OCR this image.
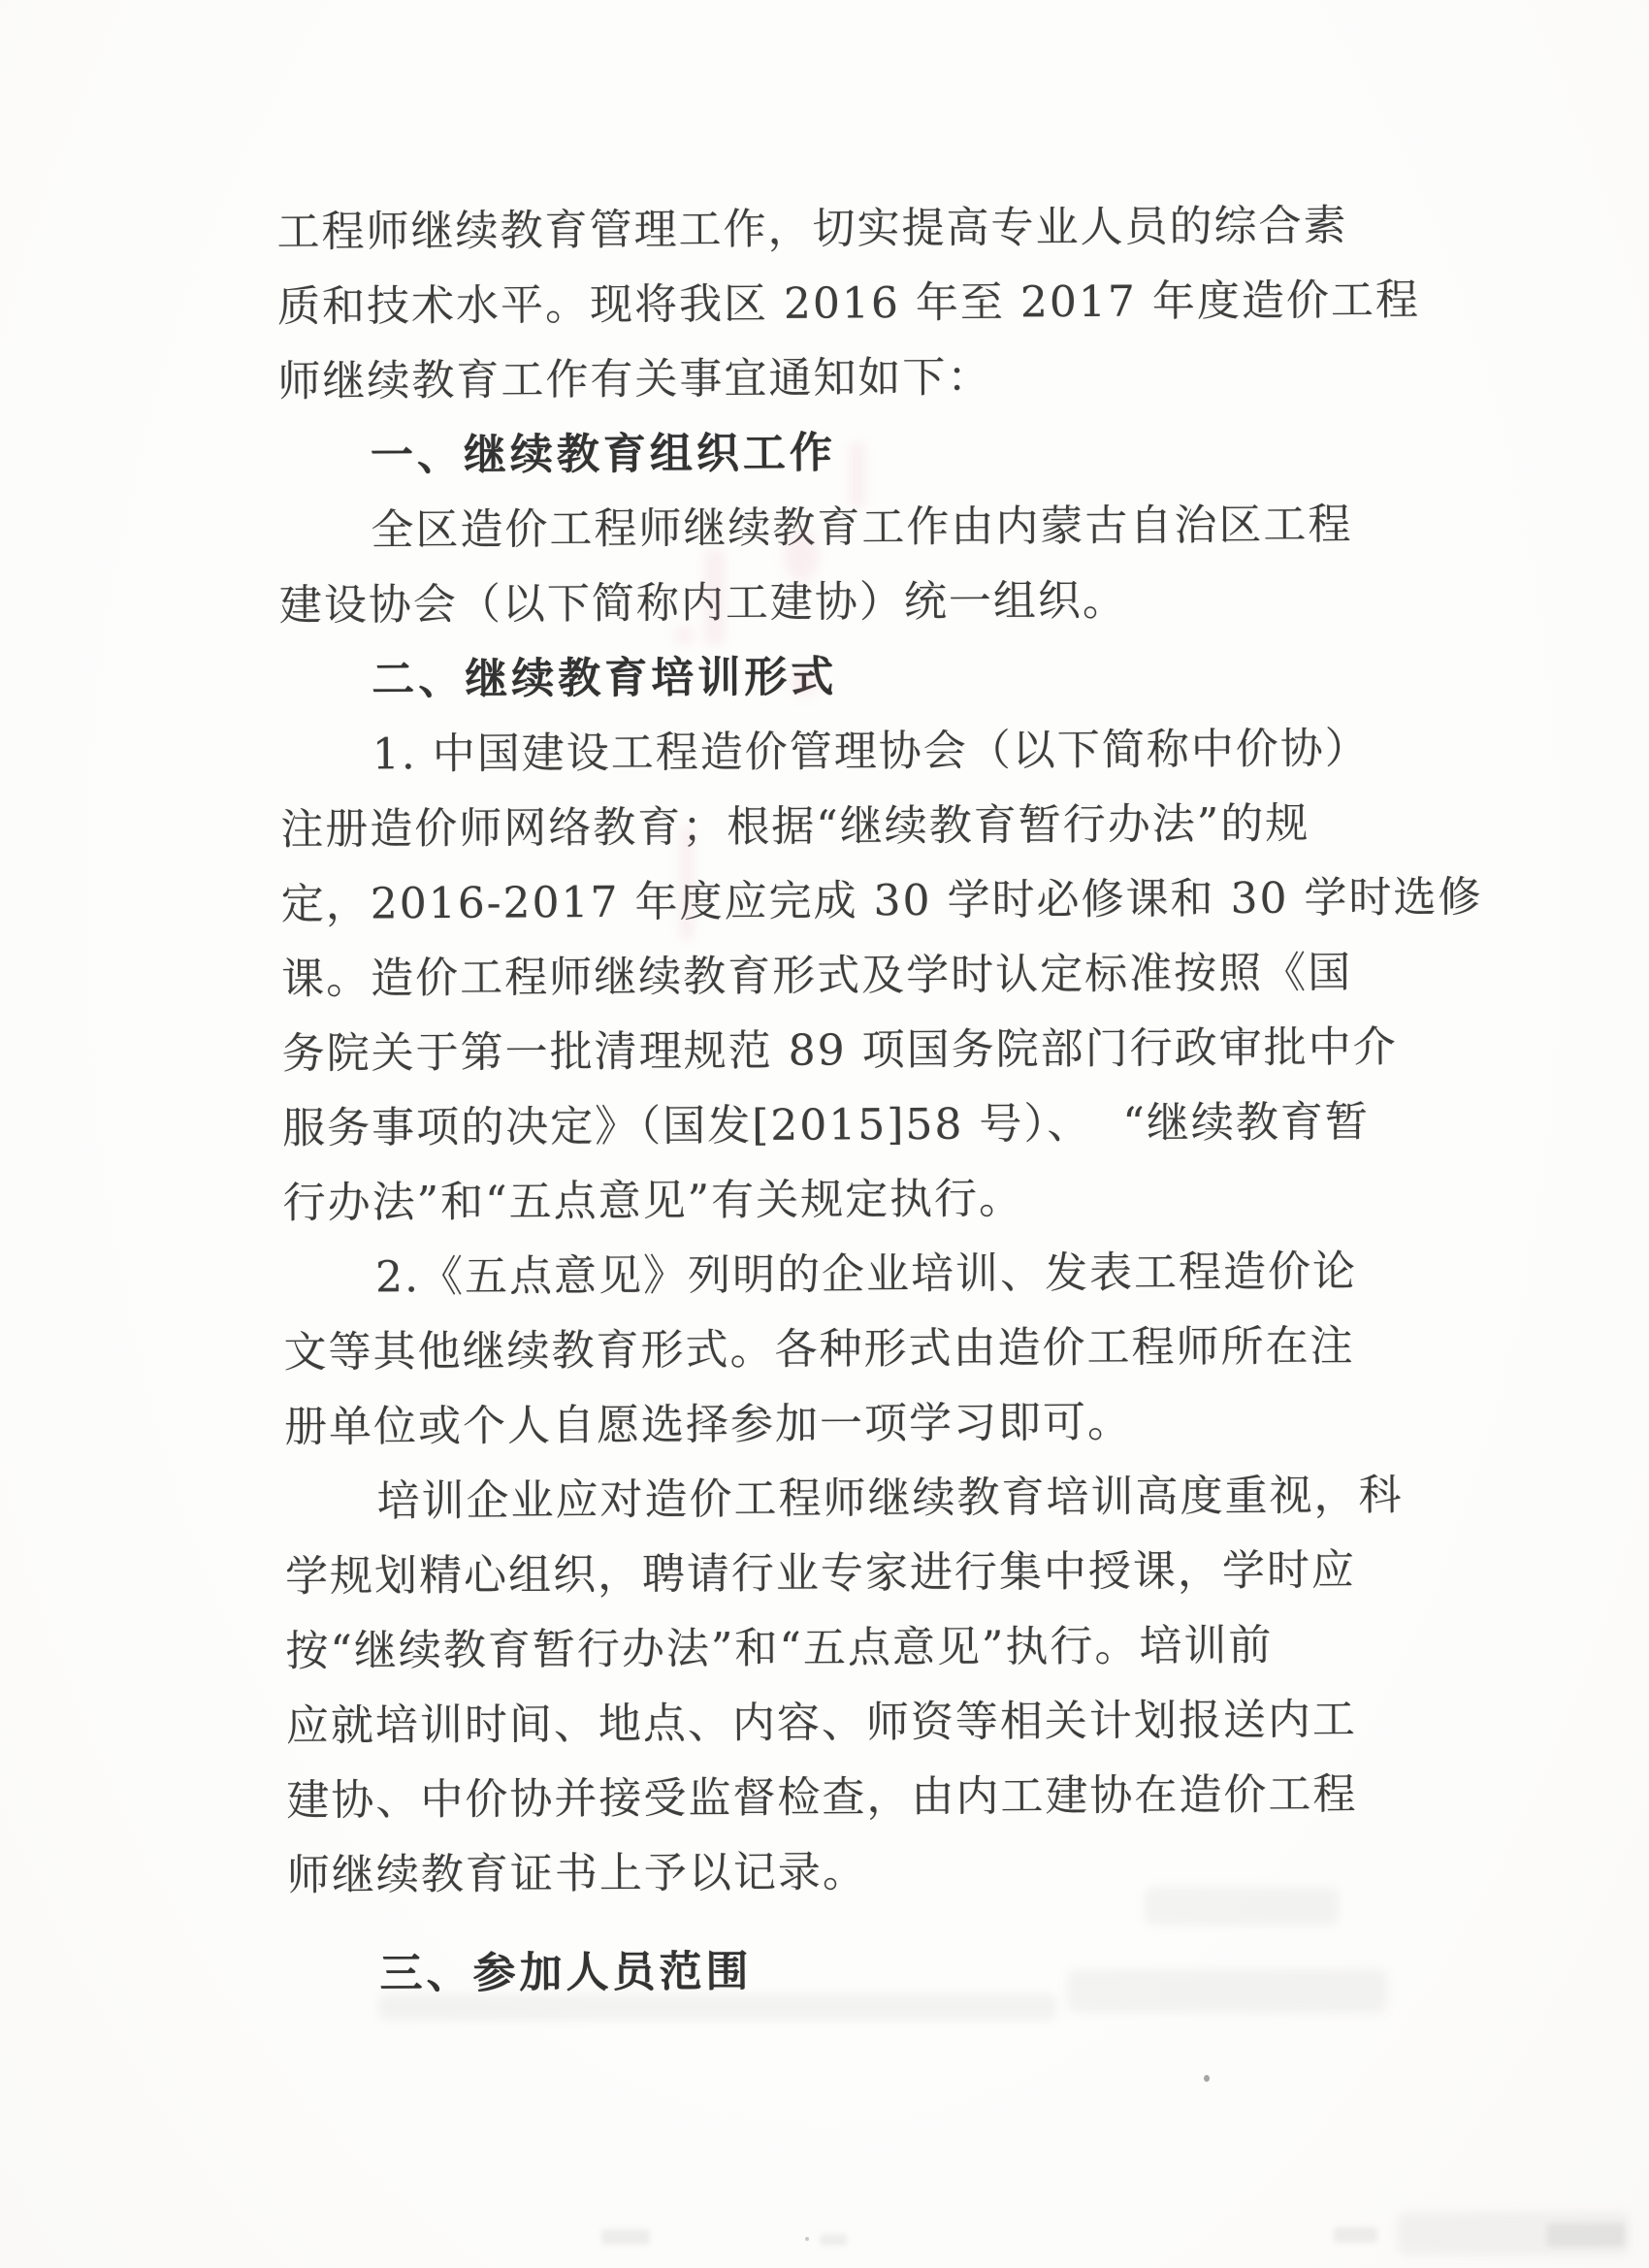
工程师继续教育管理工作，切实提高专业人员的综合素
质和技术水平。现将我区 2016 年至 2017 年度造价工程
师继续教育工作有关事宜通知如下：
一、继续教育组织工作
全区造价工程师继续教育工作由内蒙古自治区工程
建设协会（以下简称内工建协）统一组织。
二、继续教育培训形式
1. 中国建设工程造价管理协会（以下简称中价协）
注册造价师网络教育；根据“继续教育暂行办法”的规
定，2016-2017 年度应完成 30 学时必修课和 30 学时选修
课。造价工程师继续教育形式及学时认定标准按照《国
务院关于第一批清理规范 89 项国务院部门行政审批中介
服务事项的决定》（国发[2015]58 号）、  “继续教育暂
行办法”和“五点意见”有关规定执行。
2.《五点意见》列明的企业培训、发表工程造价论
文等其他继续教育形式。各种形式由造价工程师所在注
册单位或个人自愿选择参加一项学习即可。
培训企业应对造价工程师继续教育培训高度重视，科
学规划精心组织，聘请行业专家进行集中授课，学时应
按“继续教育暂行办法”和“五点意见”执行。培训前
应就培训时间、地点、内容、师资等相关计划报送内工
建协、中价协并接受监督检查，由内工建协在造价工程
师继续教育证书上予以记录。
三、参加人员范围
